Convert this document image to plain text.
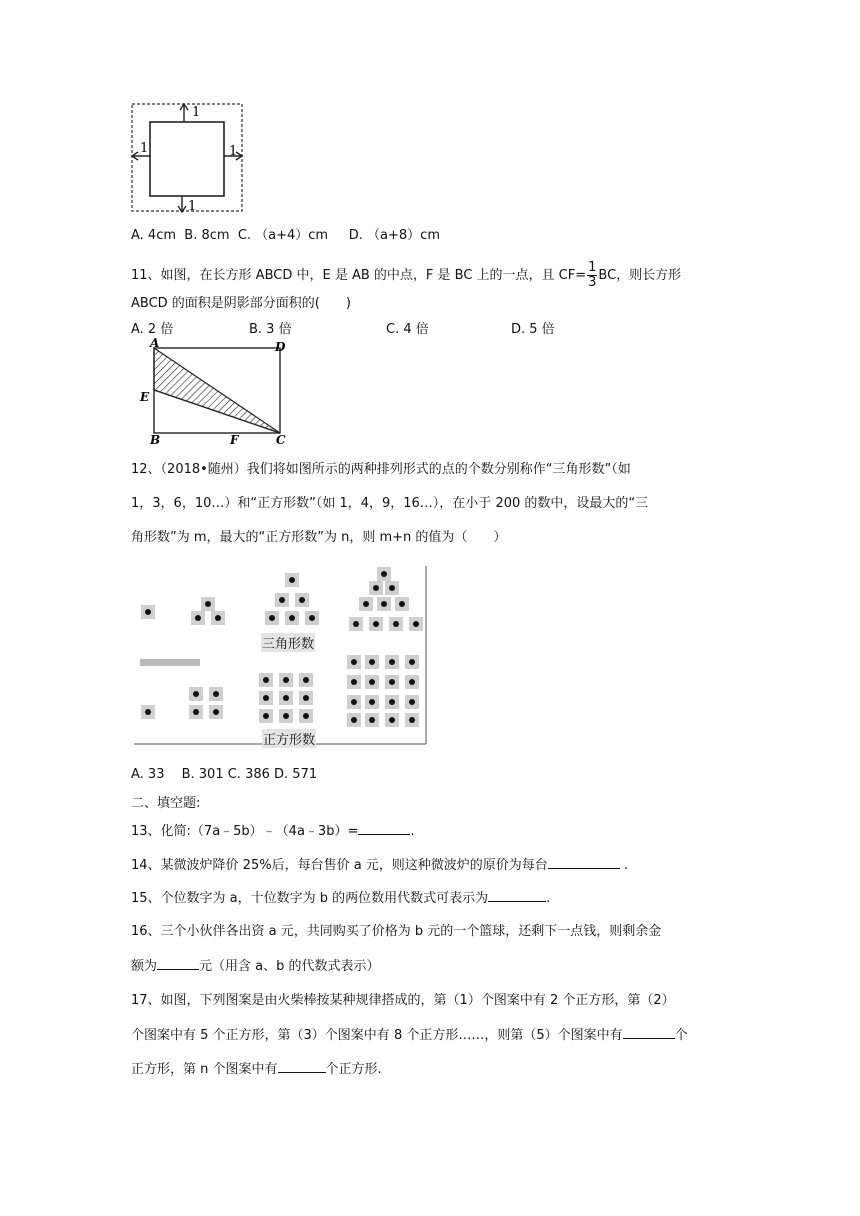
1
1	1
1
A. 4cm B. 8cm C. （a+4）cm D. （a+8）cm
11、如图，在长方形 ABCD 中，E 是 AB 的中点，F 是 BC 上的一点，且 $CF= \frac{1}{3}$ BC，则长方形
ABCD 的面积是阴影部分面积的(　　)
A. 2 倍	B. 3 倍	C. 4 倍	D. 5 倍
A	D
E
B	F	C
12、（2018•随州）我们将如图所示的两种排列形式的点的个数分别称作“三角形数”（如
1，3，6，10…）和“正方形数”（如 1，4，9，16…），在小于 200 的数中，设最大的“三
角形数”为 m，最大的“正方形数”为 n，则 m+n 的值为（　　）
三角形数
正方形数
A. 33　 B. 301 C. 386 D. 571
二、填空题:
13、化简:（7a﹣5b）﹣（4a﹣3b）=	.
14、某微波炉降价 25%后，每台售价 a 元，则这种微波炉的原价为每台	.
15、个位数字为 a，十位数字为 b 的两位数用代数式可表示为	.
16、三个小伙伴各出资 a 元，共同购买了价格为 b 元的一个篮球，还剩下一点钱，则剩余金
额为	元（用含 a、b 的代数式表示）
17、如图，下列图案是由火柴棒按某种规律搭成的，第（1）个图案中有 2 个正方形，第（2）
个图案中有 5 个正方形，第（3）个图案中有 8 个正方形……，则第（5）个图案中有	个
正方形，第 n 个图案中有	个正方形.
